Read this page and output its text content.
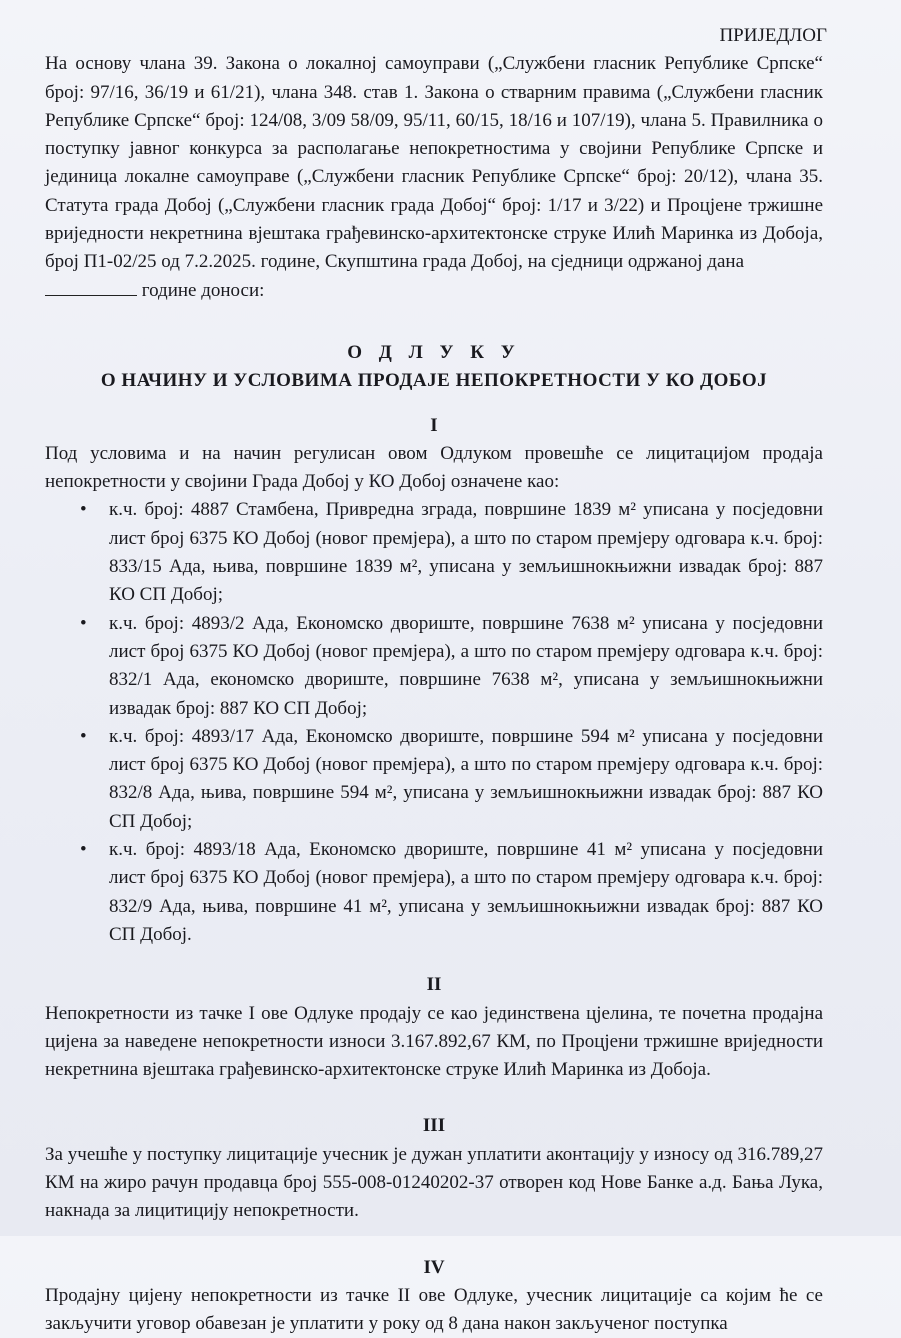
ПРИЈЕДЛОГ

На основу члана 39. Закона о локалној самоуправи („Службени гласник Републике Српске“ број: 97/16, 36/19 и 61/21), члана 348. став 1. Закона о стварним правима („Службени гласник Републике Српске“ број: 124/08, 3/09 58/09, 95/11, 60/15, 18/16 и 107/19), члана 5. Правилника о поступку јавног конкурса за располагање непокретностима у својини Републике Српске и јединица локалне самоуправе („Службени гласник Републике Српске“ број: 20/12), члана 35. Статута града Добој („Службени гласник града Добој“ број: 1/17 и 3/22) и Процјене тржишне вриједности некретнина вјештака грађевинско-архитектонске струке Илић Маринка из Добоја, број П1-02/25 од 7.2.2025. године, Скупштина града Добој, на сједници одржаној дана
године доноси:

О Д Л У К У
О НАЧИНУ И УСЛОВИМА ПРОДАЈЕ НЕПОКРЕТНОСТИ У КО ДОБОЈ
I

Под условима и на начин регулисан овом Одлуком провешће се лицитацијом продаја непокретности у својини Града Добој у КО Добој означене као:

• к.ч. број: 4887 Стамбена, Привредна зграда, површине 1839 м² уписана у посједовни лист број 6375 КО Добој (новог премјера), а што по старом премјеру одговара к.ч. број: 833/15 Ада, њива, површине 1839 м², уписана у земљишнокњижни извадак број: 887 КО СП Добој;
• к.ч. број: 4893/2 Ада, Економско двориште, површине 7638 м² уписана у посједовни лист број 6375 КО Добој (новог премјера), а што по старом премјеру одговара к.ч. број: 832/1 Ада, економско двориште, површине 7638 м², уписана у земљишнокњижни извадак број: 887 КО СП Добој;
• к.ч. број: 4893/17 Ада, Економско двориште, површине 594 м² уписана у посједовни лист број 6375 КО Добој (новог премјера), а што по старом премјеру одговара к.ч. број: 832/8 Ада, њива, површине 594 м², уписана у земљишнокњижни извадак број: 887 КО СП Добој;
• к.ч. број: 4893/18 Ада, Економско двориште, површине 41 м² уписана у посједовни лист број 6375 КО Добој (новог премјера), а што по старом премјеру одговара к.ч. број: 832/9 Ада, њива, површине 41 м², уписана у земљишнокњижни извадак број: 887 КО СП Добој.
II

Непокретности из тачке I ове Одлуке продају се као јединствена цјелина, те почетна продајна цијена за наведене непокретности износи 3.167.892,67 КМ, по Процјени тржишне вриједности некретнина вјештака грађевинско-архитектонске струке Илић Маринка из Добоја.

III

За учешће у поступку лицитације учесник је дужан уплатити аконтацију у износу од 316.789,27 КМ на жиро рачун продавца број 555-008-01240202-37 отворен код Нове Банке а.д. Бања Лука, накнада за лицитицију непокретности.

IV

Продајну цијену непокретности из тачке II ове Одлуке, учесник лицитације са којим ће се закључити уговор обавезан је уплатити у року од 8 дана након закљученог поступка
